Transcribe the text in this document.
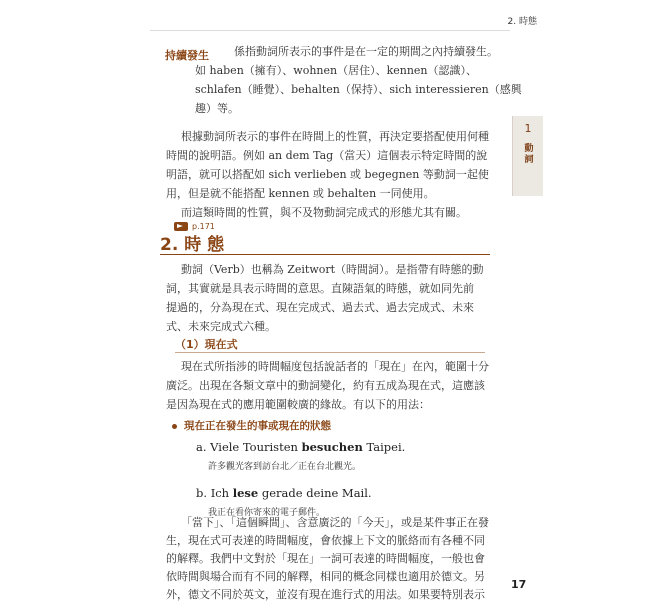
2. 時態
1
動詞
持續發生 係指動詞所表示的事件是在一定的期間之內持續發生。
如 haben（擁有）、wohnen（居住）、kennen（認識）、
schlafen（睡覺）、behalten（保持）、sich interessieren（感興
趣）等。
根據動詞所表示的事件在時間上的性質，再決定要搭配使用何種
時間的說明語。例如 an dem Tag（當天）這個表示特定時間的說
明語，就可以搭配如 sich verlieben 或 begegnen 等動詞一起使
用，但是就不能搭配 kennen 或 behalten 一同使用。
而這類時間的性質，與不及物動詞完成式的形態尤其有關。
p.171
2. 時 態
動詞（Verb）也稱為 Zeitwort（時間詞）。是指帶有時態的動
詞，其實就是具表示時間的意思。直陳語氣的時態，就如同先前
提過的，分為現在式、現在完成式、過去式、過去完成式、未來
式、未來完成式六種。
（1）現在式
現在式所指涉的時間幅度包括說話者的「現在」在內，範圍十分
廣泛。出現在各類文章中的動詞變化，約有五成為現在式，這應該
是因為現在式的應用範圍較廣的緣故。有以下的用法：
現在正在發生的事或現在的狀態
a. Viele Touristen besuchen Taipei.
許多觀光客到訪台北／正在台北觀光。
b. Ich lese gerade deine Mail.
我正在看你寄來的電子郵件。
「當下」、「這個瞬間」、含意廣泛的「今天」，或是某件事正在發
生，現在式可表達的時間幅度，會依據上下文的脈絡而有各種不同
的解釋。我們中文對於「現在」一詞可表達的時間幅度，一般也會
依時間與場合而有不同的解釋，相同的概念同樣也適用於德文。另
外，德文不同於英文，並沒有現在進行式的用法。如果要特別表示
17
